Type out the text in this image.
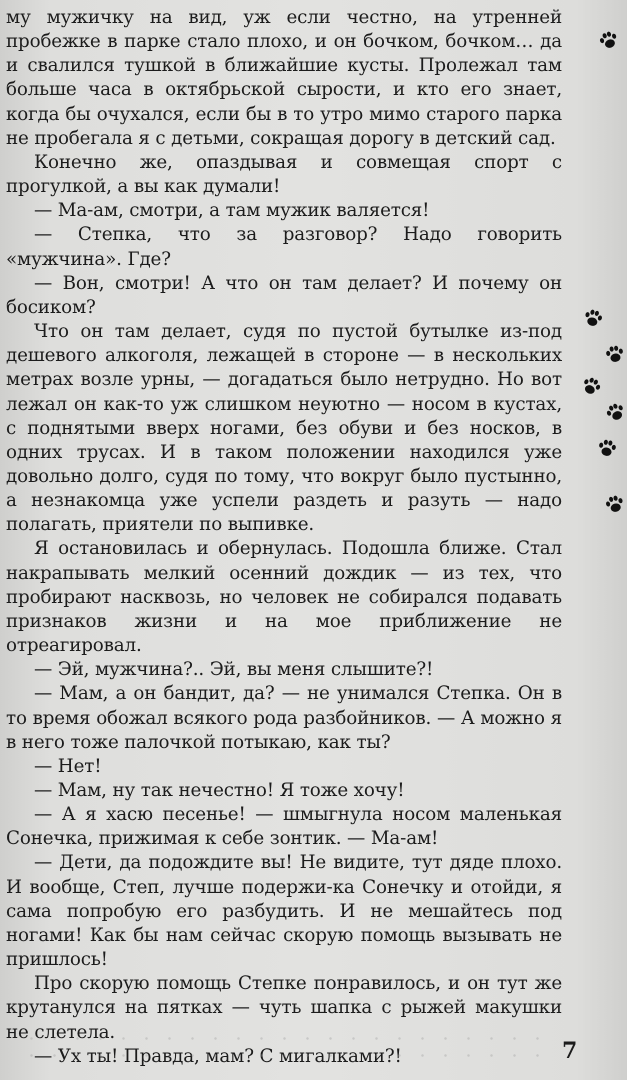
му мужичку на вид, уж если честно, на утренней пробежке в парке стало плохо, и он бочком, бочком… да и свалился тушкой в ближайшие кусты. Пролежал там больше часа в октябрьской сырости, и кто его знает, когда бы очухался, если бы в то утро мимо старого парка не пробегала я с детьми, сокращая дорогу в детский сад.

Конечно же, опаздывая и совмещая спорт с прогулкой, а вы как думали!

— Ма-ам, смотри, а там мужик валяется!

— Степка, что за разговор? Надо говорить «мужчина». Где?

— Вон, смотри! А что он там делает? И почему он босиком?

Что он там делает, судя по пустой бутылке из-под дешевого алкоголя, лежащей в стороне — в нескольких метрах возле урны, — догадаться было нетрудно. Но вот лежал он как-то уж слишком неуютно — носом в кустах, с поднятыми вверх ногами, без обуви и без носков, в одних трусах. И в таком положении находился уже довольно долго, судя по тому, что вокруг было пустынно, а незнакомца уже успели раздеть и разуть — надо полагать, приятели по выпивке.

Я остановилась и обернулась. Подошла ближе. Стал накрапывать мелкий осенний дождик — из тех, что пробирают насквозь, но человек не собирался подавать признаков жизни и на мое приближение не отреагировал.

— Эй, мужчина?.. Эй, вы меня слышите?!

— Мам, а он бандит, да? — не унимался Степка. Он в то время обожал всякого рода разбойников. — А можно я в него тоже палочкой потыкаю, как ты?

— Нет!

— Мам, ну так нечестно! Я тоже хочу!

— А я хасю песенье! — шмыгнула носом маленькая Сонечка, прижимая к себе зонтик. — Ма-ам!

— Дети, да подождите вы! Не видите, тут дяде плохо. И вообще, Степ, лучше подержи-ка Сонечку и отойди, я сама попробую его разбудить. И не мешайтесь под ногами! Как бы нам сейчас скорую помощь вызывать не пришлось!

Про скорую помощь Степке понравилось, и он тут же крутанулся на пятках — чуть шапка с рыжей макушки не слетела.

— Ух ты! Правда, мам? С мигалками?!	7
